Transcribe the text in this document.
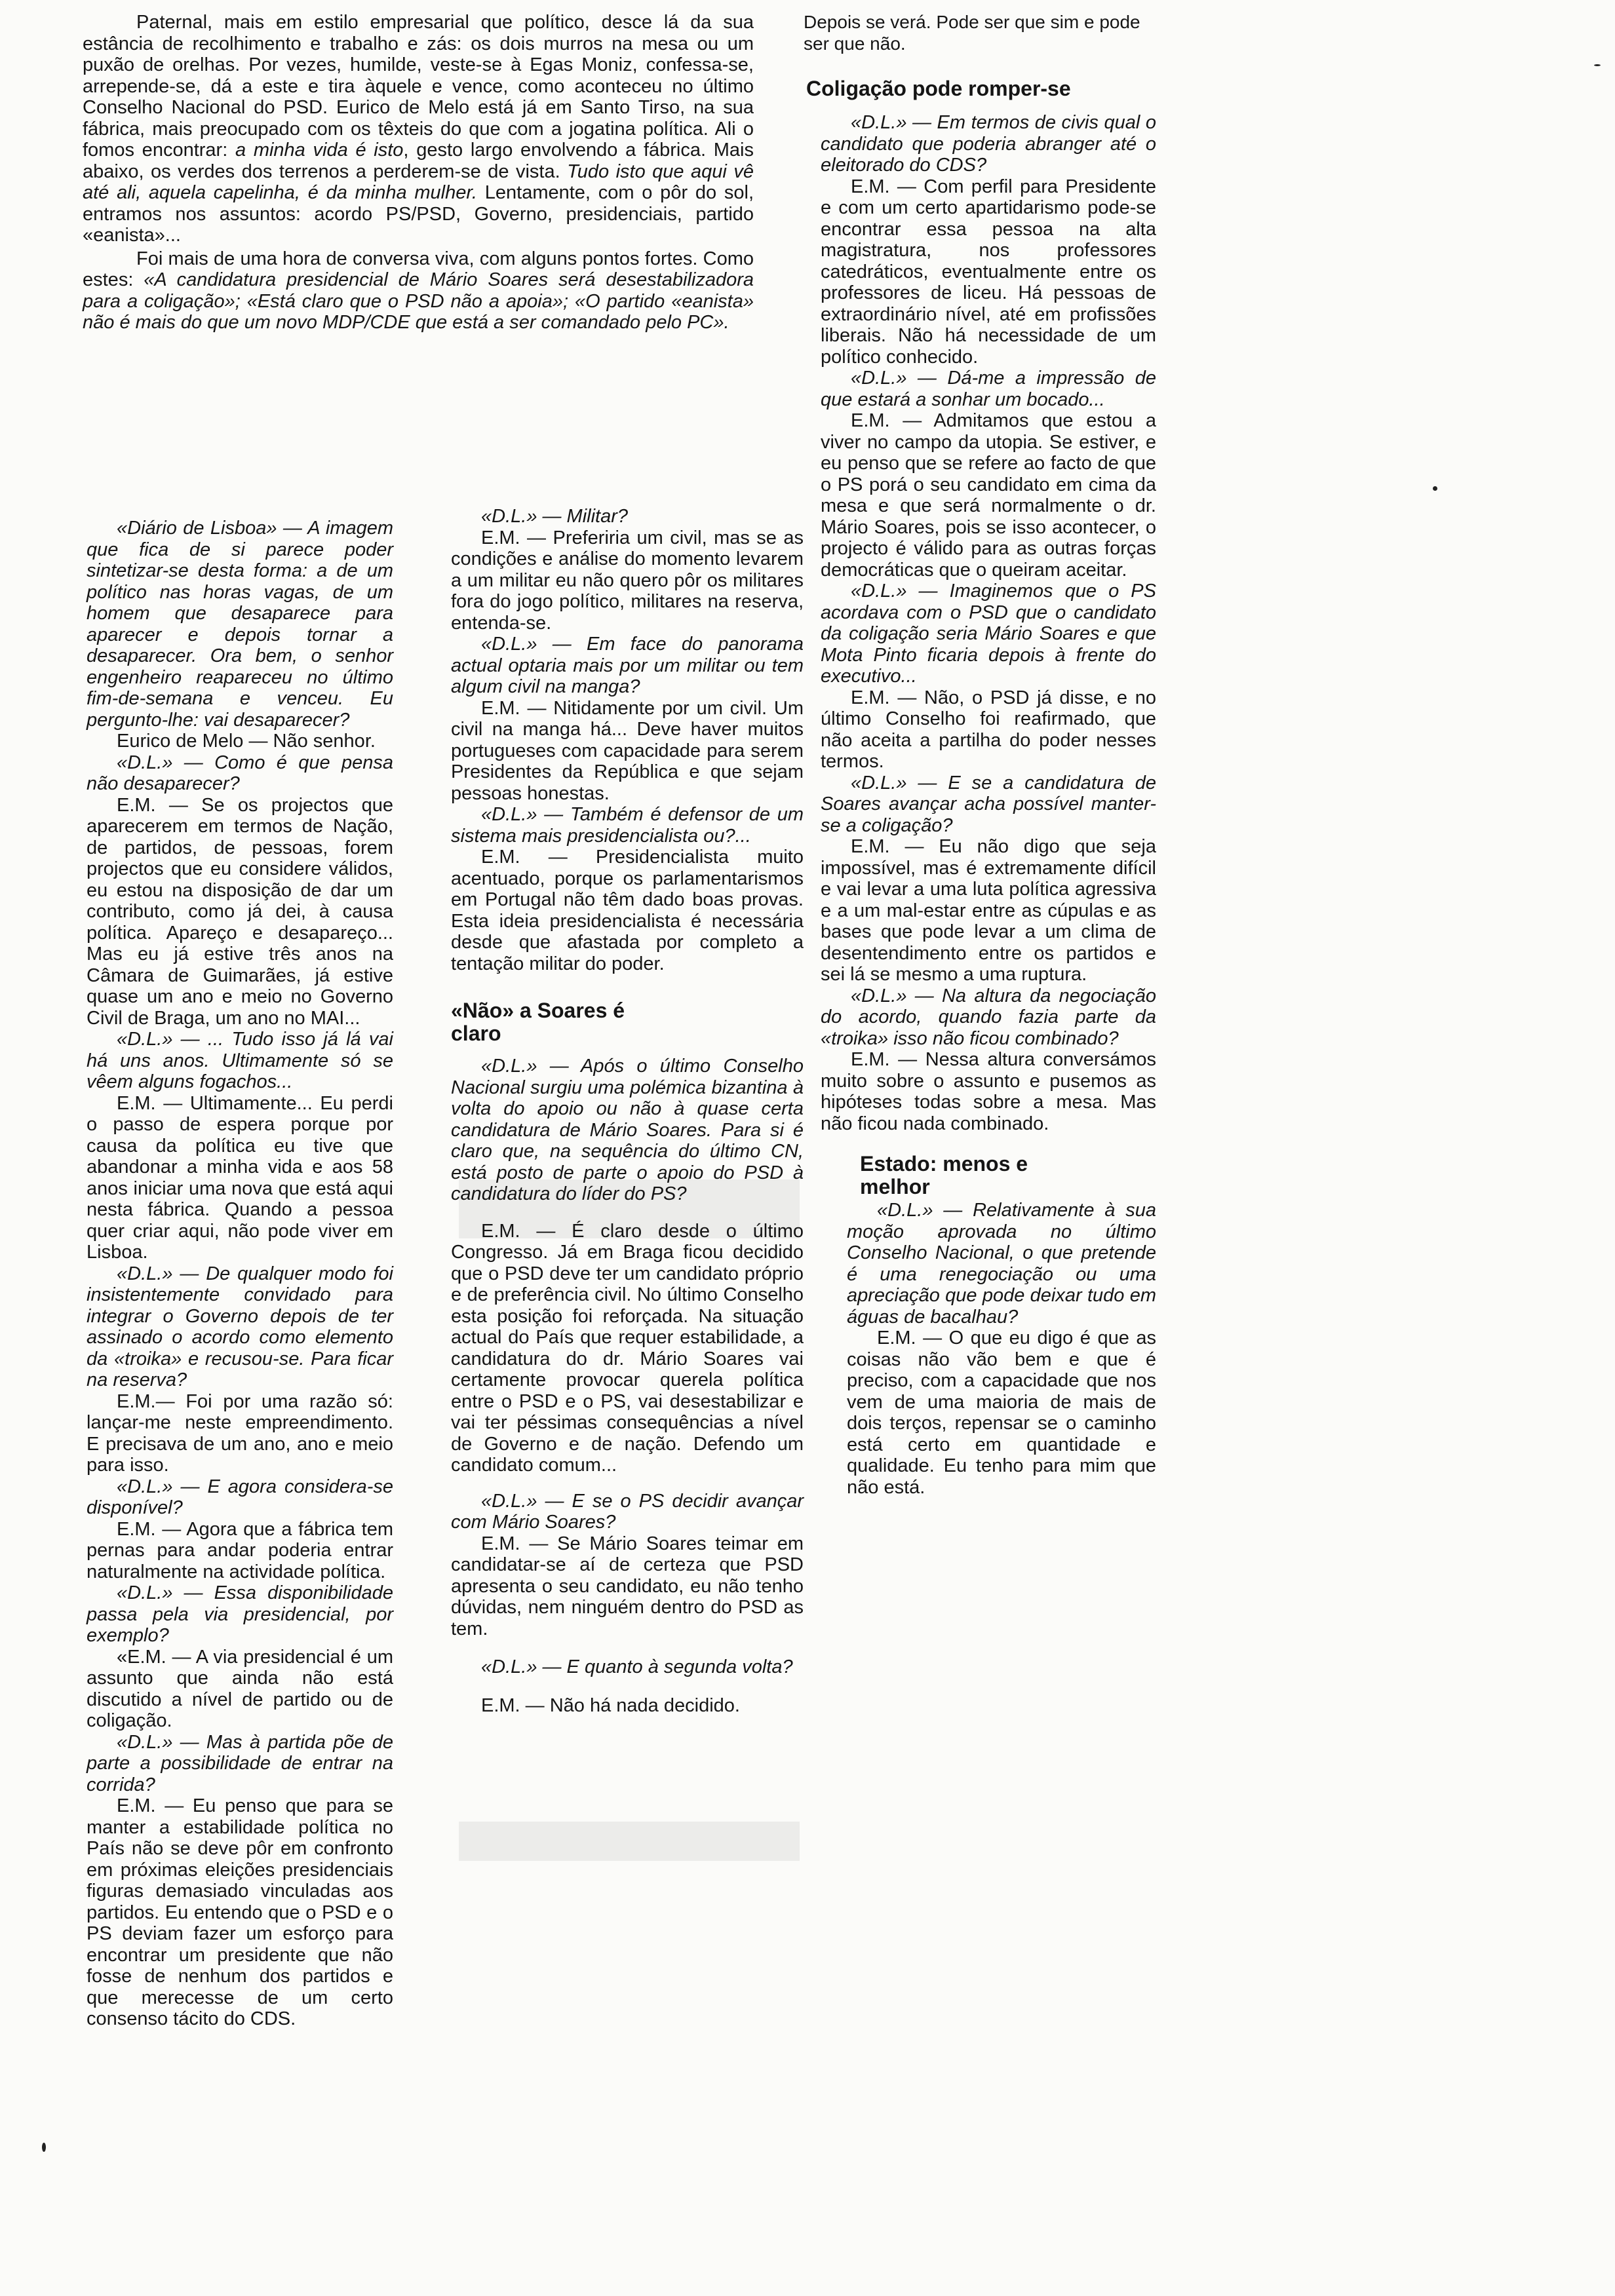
Paternal, mais em estilo empresarial que político, desce lá da sua estância de recolhimento e trabalho e zás: os dois murros na mesa ou um puxão de orelhas. Por vezes, humilde, veste-se à Egas Moniz, confessa-se, arrepende-se, dá a este e tira àquele e vence, como aconteceu no último Conselho Nacional do PSD. Eurico de Melo está já em Santo Tirso, na sua fábrica, mais preocupado com os têxteis do que com a jogatina política. Ali o fomos encontrar: a minha vida é isto, gesto largo envolvendo a fábrica. Mais abaixo, os verdes dos terrenos a perderem-se de vista. Tudo isto que aqui vê até ali, aquela capelinha, é da minha mulher. Lentamente, com o pôr do sol, entramos nos assuntos: acordo PS/PSD, Governo, presidenciais, partido «eanista»...

Foi mais de uma hora de conversa viva, com alguns pontos fortes. Como estes: «A candidatura presidencial de Mário Soares será desestabilizadora para a coligação»; «Está claro que o PSD não a apoia»; «O partido «eanista» não é mais do que um novo MDP/CDE que está a ser comandado pelo PC».

Depois se verá. Pode ser que sim e pode ser que não.

«Diário de Lisboa» — A imagem que fica de si parece poder sintetizar-se desta forma: a de um político nas horas vagas, de um homem que desaparece para aparecer e depois tornar a desaparecer. Ora bem, o senhor engenheiro reapareceu no último fim-de-semana e venceu. Eu pergunto-lhe: vai desaparecer?

Eurico de Melo — Não senhor.

«D.L.» — Como é que pensa não desaparecer?

E.M. — Se os projectos que aparecerem em termos de Nação, de partidos, de pessoas, forem projectos que eu considere válidos, eu estou na disposição de dar um contributo, como já dei, à causa política. Apareço e desapareço... Mas eu já estive três anos na Câmara de Guimarães, já estive quase um ano e meio no Governo Civil de Braga, um ano no MAI...

«D.L.» — ... Tudo isso já lá vai há uns anos. Ultimamente só se vêem alguns fogachos...

E.M. — Ultimamente... Eu perdi o passo de espera porque por causa da política eu tive que abandonar a minha vida e aos 58 anos iniciar uma nova que está aqui nesta fábrica. Quando a pessoa quer criar aqui, não pode viver em Lisboa.

«D.L.» — De qualquer modo foi insistentemente convidado para integrar o Governo depois de ter assinado o acordo como elemento da «troika» e recusou-se. Para ficar na reserva?

E.M.— Foi por uma razão só: lançar-me neste empreendimento. E precisava de um ano, ano e meio para isso.

«D.L.» — E agora considera-se disponível?

E.M. — Agora que a fábrica tem pernas para andar poderia entrar naturalmente na actividade política.

«D.L.» — Essa disponibilidade passa pela via presidencial, por exemplo?

«E.M. — A via presidencial é um assunto que ainda não está discutido a nível de partido ou de coligação.

«D.L.» — Mas à partida põe de parte a possibilidade de entrar na corrida?

E.M. — Eu penso que para se manter a estabilidade política no País não se deve pôr em confronto em próximas eleições presidenciais figuras demasiado vinculadas aos partidos. Eu entendo que o PSD e o PS deviam fazer um esforço para encontrar um presidente que não fosse de nenhum dos partidos e que merecesse de um certo consenso tácito do CDS.

«D.L.» — Militar?

E.M. — Preferiria um civil, mas se as condições e análise do momento levarem a um militar eu não quero pôr os militares fora do jogo político, militares na reserva, entenda-se.

«D.L.» — Em face do panorama actual optaria mais por um militar ou tem algum civil na manga?

E.M. — Nitidamente por um civil. Um civil na manga há... Deve haver muitos portugueses com capacidade para serem Presidentes da República e que sejam pessoas honestas.

«D.L.» — Também é defensor de um sistema mais presidencialista ou?...

E.M. — Presidencialista muito acentuado, porque os parlamentarismos em Portugal não têm dado boas provas. Esta ideia presidencialista é necessária desde que afastada por completo a tentação militar do poder.

«Não» a Soares é claro

«D.L.» — Após o último Conselho Nacional surgiu uma polémica bizantina à volta do apoio ou não à quase certa candidatura de Mário Soares. Para si é claro que, na sequência do último CN, está posto de parte o apoio do PSD à candidatura do líder do PS?

E.M. — É claro desde o último Congresso. Já em Braga ficou decidido que o PSD deve ter um candidato próprio e de preferência civil. No último Conselho esta posição foi reforçada. Na situação actual do País que requer estabilidade, a candidatura do dr. Mário Soares vai certamente provocar querela política entre o PSD e o PS, vai desestabilizar e vai ter péssimas consequências a nível de Governo e de nação. Defendo um candidato comum...

«D.L.» — E se o PS decidir avançar com Mário Soares?

E.M. — Se Mário Soares teimar em candidatar-se aí de certeza que PSD apresenta o seu candidato, eu não tenho dúvidas, nem ninguém dentro do PSD as tem.

«D.L.» — E quanto à segunda volta?

E.M. — Não há nada decidido.

Coligação pode romper-se

«D.L.» — Em termos de civis qual o candidato que poderia abranger até o eleitorado do CDS?

E.M. — Com perfil para Presidente e com um certo apartidarismo pode-se encontrar essa pessoa na alta magistratura, nos professores catedráticos, eventualmente entre os professores de liceu. Há pessoas de extraordinário nível, até em profissões liberais. Não há necessidade de um político conhecido.

«D.L.» — Dá-me a impressão de que estará a sonhar um bocado...

E.M. — Admitamos que estou a viver no campo da utopia. Se estiver, e eu penso que se refere ao facto de que o PS porá o seu candidato em cima da mesa e que será normalmente o dr. Mário Soares, pois se isso acontecer, o projecto é válido para as outras forças democráticas que o queiram aceitar.

«D.L.» — Imaginemos que o PS acordava com o PSD que o candidato da coligação seria Mário Soares e que Mota Pinto ficaria depois à frente do executivo...

E.M. — Não, o PSD já disse, e no último Conselho foi reafirmado, que não aceita a partilha do poder nesses termos.

«D.L.» — E se a candidatura de Soares avançar acha possível manter-se a coligação?

E.M. — Eu não digo que seja impossível, mas é extremamente difícil e vai levar a uma luta política agressiva e a um mal-estar entre as cúpulas e as bases que pode levar a um clima de desentendimento entre os partidos e sei lá se mesmo a uma ruptura.

«D.L.» — Na altura da negociação do acordo, quando fazia parte da «troika» isso não ficou combinado?

E.M. — Nessa altura conversámos muito sobre o assunto e pusemos as hipóteses todas sobre a mesa. Mas não ficou nada combinado.

Estado: menos e melhor

«D.L.» — Relativamente à sua moção aprovada no último Conselho Nacional, o que pretende é uma renegociação ou uma apreciação que pode deixar tudo em águas de bacalhau?

E.M. — O que eu digo é que as coisas não vão bem e que é preciso, com a capacidade que nos vem de uma maioria de mais de dois terços, repensar se o caminho está certo em quantidade e qualidade. Eu tenho para mim que não está.
